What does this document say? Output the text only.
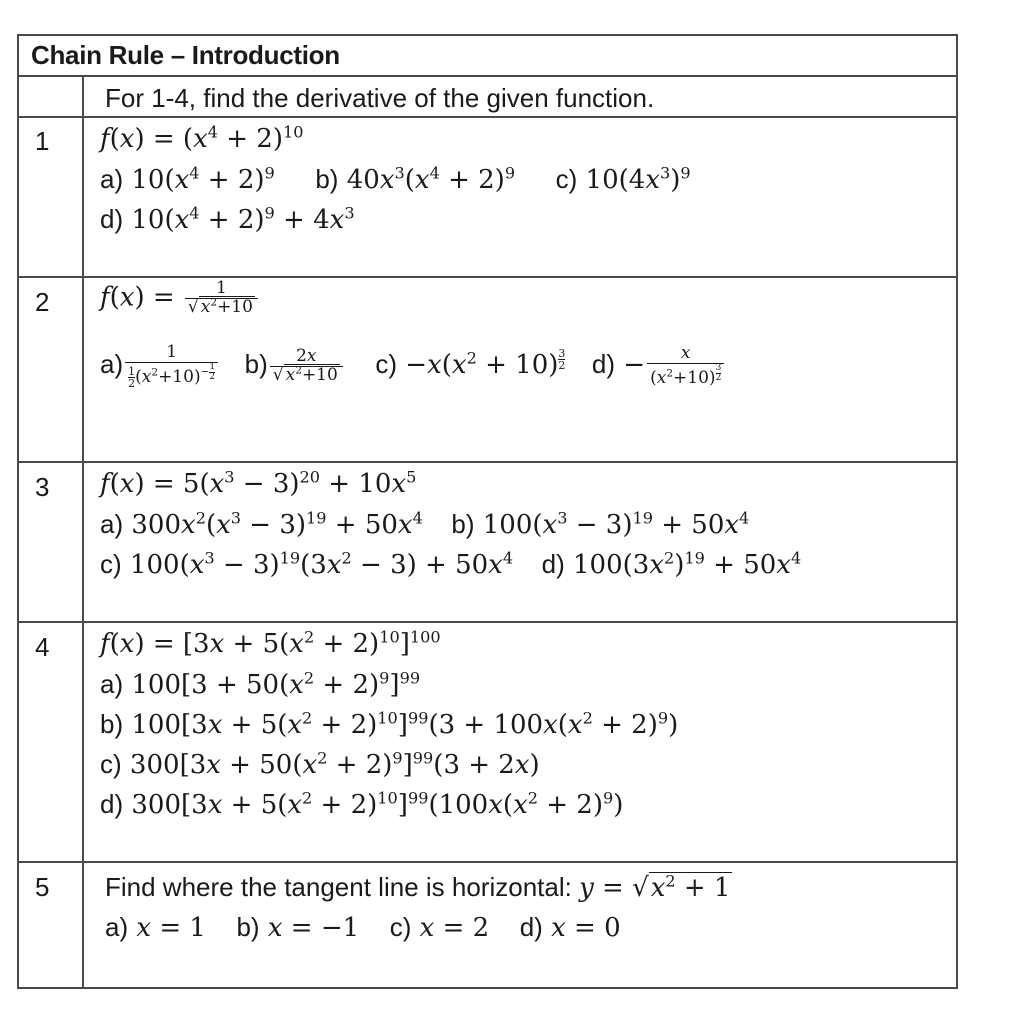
Chain Rule – Introduction
For 1-4, find the derivative of the given function.
1 $f(x) = (x^4 + 2)^{10}$
a) $10(x^4 + 2)^9$ b) $40x^3(x^4 + 2)^9$ c) $10(4x^3)^9$
d) $10(x^4 + 2)^9 + 4x^3$
2 $f(x) = \frac{1}{√ x^2+10}$
a) 1
$\frac{1}{2} (x^2+10)^{- \frac{1}{2}}$ $b) \frac{2x}{√ x^2+10} c) -x(x^2 + 10)$ $^{\frac{3}{2}}$ d) − x
$(x^2+10)$ $^{\frac{3}{2}}$
3 $f(x) = 5(x^3 - 3)^{20} + 10x^5$
a) $300x^2(x^3 - 3)^{19} + 50x^4$ b) $100(x^3 - 3)^{19} + 50x^4$
c) $100(x^3 - 3)^{19}(3x^2 - 3) + 50x^4$ d) $100(3x^2)^{19} + 50x^4$
4 $f(x) = [3x + 5(x^2 + 2)^{10}]^{100}$
a) $100[3 + 50(x^2 + 2)^9]^{99}$
b) $100[3x + 5(x^2 + 2)^{10}]^{99}(3 + 100x(x^2 + 2)^9)$
c) $300[3x + 50(x^2 + 2)^9]^{99}(3 + 2x)$
d) $300[3x + 5(x^2 + 2)^{10}]^{99}(100x(x^2 + 2)^9)$
5 Find where the tangent line is horizontal: $y = √x^2 + 1$
a) x = 1 b) x = −1 c) x = 2 d) x = 0
